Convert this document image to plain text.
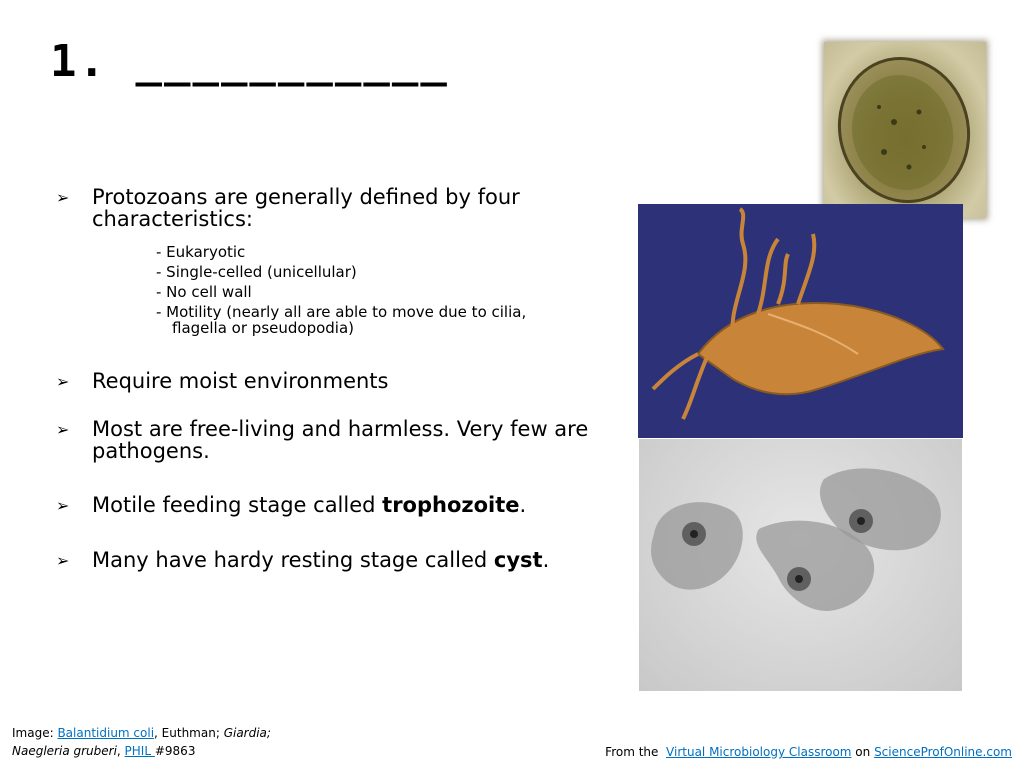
1. ___________
➢ Protozoans are generally defined by four characteristics:
- Eukaryotic
- Single-celled (unicellular)
- No cell wall
- Motility (nearly all are able to move due to cilia,
flagella or pseudopodia)
➢ Require moist environments
➢ Most are free-living and harmless. Very few are pathogens.
➢ Motile feeding stage called trophozoite.
➢ Many have hardy resting stage called cyst.
Image: Balantidium coli, Euthman; Giardia;
Naegleria gruberi, PHIL #9863	From the  Virtual Microbiology Classroom on ScienceProfOnline.com
